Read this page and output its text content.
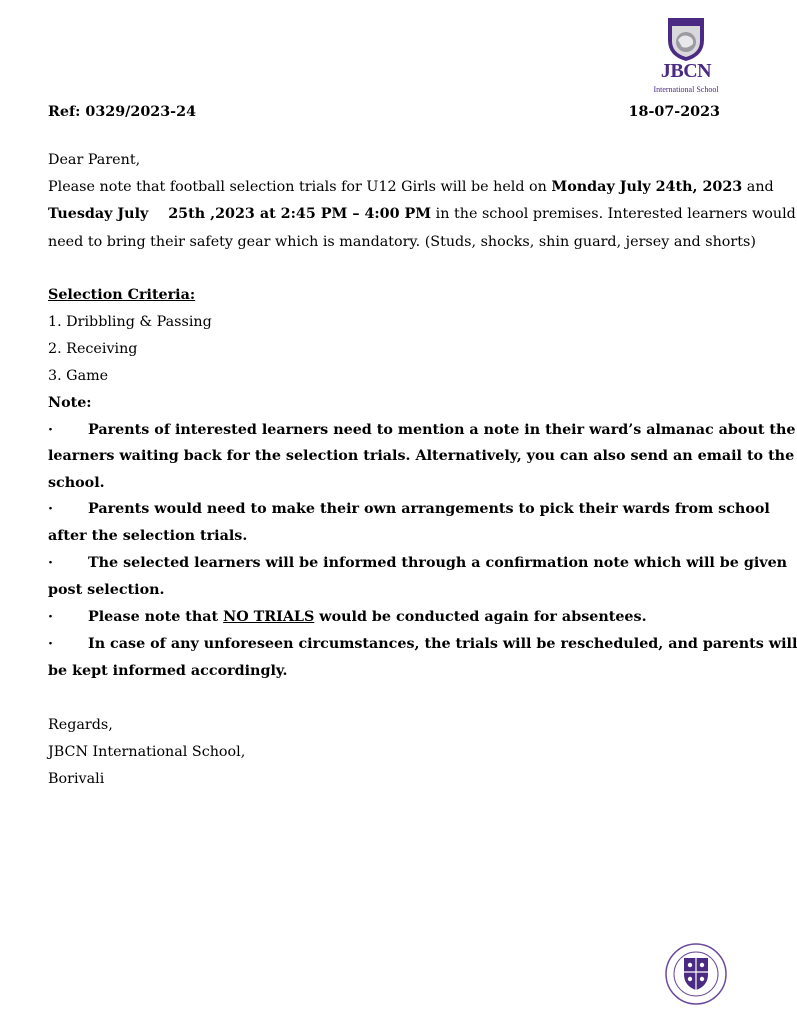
JBCN
International School
Ref: 0329/2023-24	18-07-2023
Dear Parent,
Please note that football selection trials for U12 Girls will be held on Monday July 24th, 2023 and
Tuesday July    25th ,2023 at 2:45 PM – 4:00 PM in the school premises. Interested learners would
need to bring their safety gear which is mandatory. (Studs, shocks, shin guard, jersey and shorts)
Selection Criteria:
1. Dribbling & Passing
2. Receiving
3. Game
Note:
· Parents of interested learners need to mention a note in their ward’s almanac about the
learners waiting back for the selection trials. Alternatively, you can also send an email to the
school.
· Parents would need to make their own arrangements to pick their wards from school
after the selection trials.
· The selected learners will be informed through a confirmation note which will be given
post selection.
· Please note that NO TRIALS would be conducted again for absentees.
· In case of any unforeseen circumstances, the trials will be rescheduled, and parents will
be kept informed accordingly.
Regards,
JBCN International School,
Borivali
